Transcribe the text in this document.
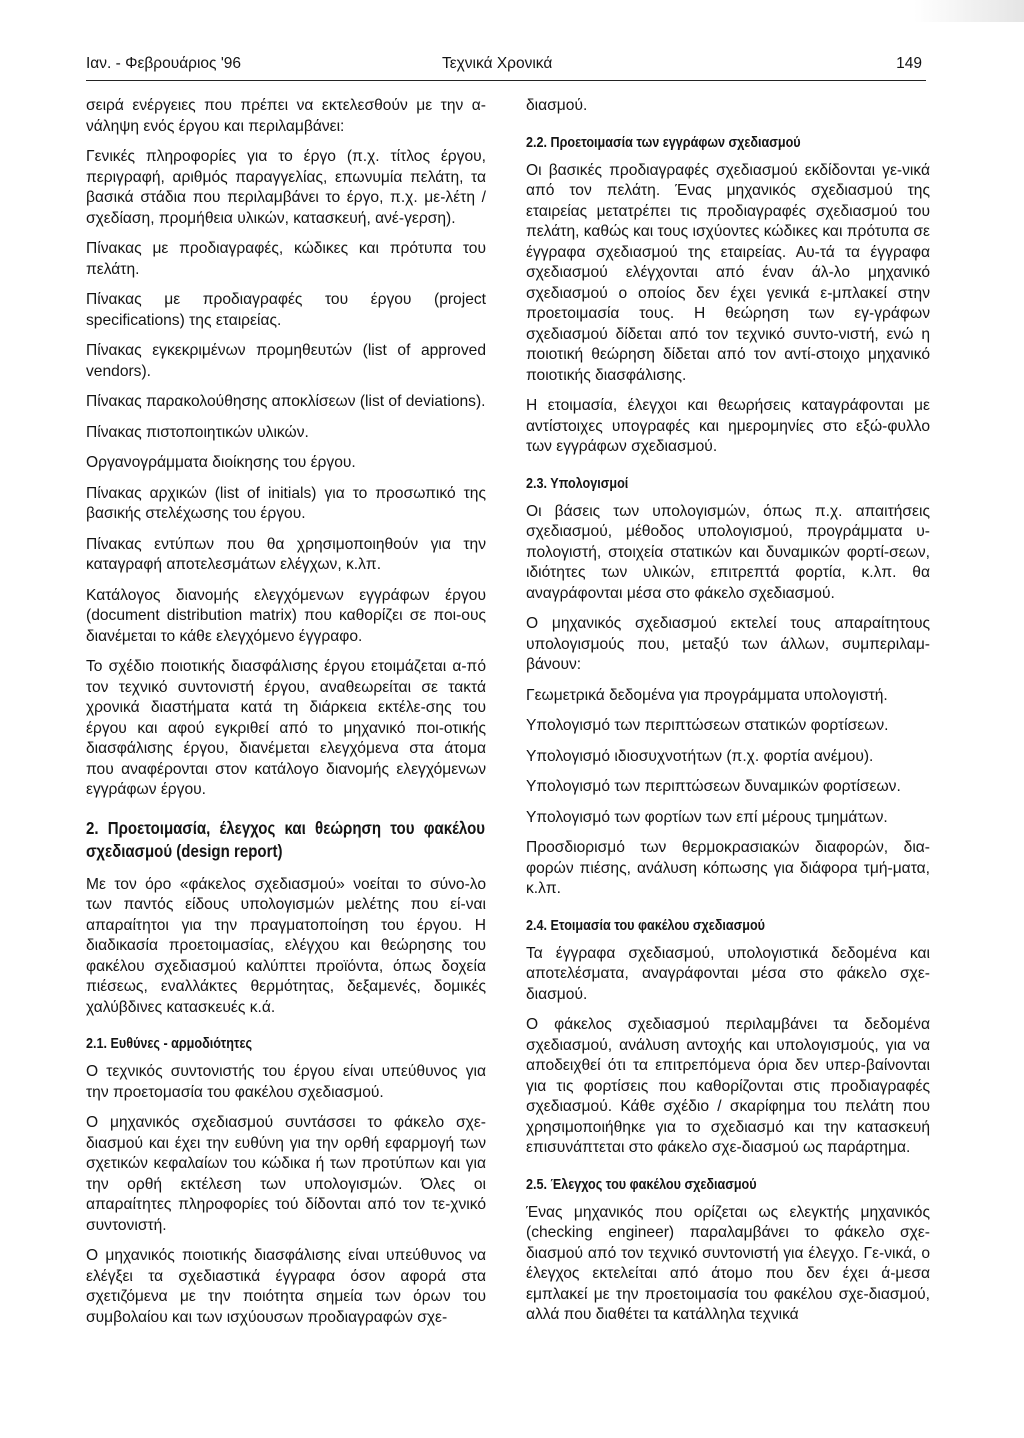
Ιαν. - Φεβρουάριος '96	Τεχνικά Χρονικά	149

σειρά ενέργειες που πρέπει να εκτελεσθούν με την α-νάληψη ενός έργου και περιλαμβάνει:

Γενικές πληροφορίες για το έργο (π.χ. τίτλος έργου, περιγραφή, αριθμός παραγγελίας, επωνυμία πελάτη, τα βασικά στάδια που περιλαμβάνει το έργο, π.χ. με-λέτη / σχεδίαση, προμήθεια υλικών, κατασκευή, ανέ-γερση).

Πίνακας με προδιαγραφές, κώδικες και πρότυπα του πελάτη.

Πίνακας με προδιαγραφές του έργου (project specifications) της εταιρείας.

Πίνακας εγκεκριμένων προμηθευτών (list of approved vendors).

Πίνακας παρακολούθησης αποκλίσεων (list of deviations).

Πίνακας πιστοποιητικών υλικών.

Οργανογράμματα διοίκησης του έργου.

Πίνακας αρχικών (list of initials) για το προσωπικό της βασικής στελέχωσης του έργου.

Πίνακας εντύπων που θα χρησιμοποιηθούν για την καταγραφή αποτελεσμάτων ελέγχων, κ.λπ.

Κατάλογος διανομής ελεγχόμενων εγγράφων έργου (document distribution matrix) που καθορίζει σε ποι-ους διανέμεται το κάθε ελεγχόμενο έγγραφο.

Το σχέδιο ποιοτικής διασφάλισης έργου ετοιμάζεται α-πό τον τεχνικό συντονιστή έργου, αναθεωρείται σε τακτά χρονικά διαστήματα κατά τη διάρκεια εκτέλε-σης του έργου και αφού εγκριθεί από το μηχανικό ποι-οτικής διασφάλισης έργου, διανέμεται ελεγχόμενα στα άτομα που αναφέρονται στον κατάλογο διανομής ελεγχόμενων εγγράφων έργου.

2. Προετοιμασία, έλεγχος και θεώρηση του φακέλου σχεδιασμού (design report)

Με τον όρο «φάκελος σχεδιασμού» νοείται το σύνο-λο των παντός είδους υπολογισμών μελέτης που εί-ναι απαραίτητοι για την πραγματοποίηση του έργου. Η διαδικασία προετοιμασίας, ελέγχου και θεώρησης του φακέλου σχεδιασμού καλύπτει προϊόντα, όπως δοχεία πιέσεως, εναλλάκτες θερμότητας, δεξαμενές, δομικές χαλύβδινες κατασκευές κ.ά.

2.1. Ευθύνες - αρμοδιότητες

Ο τεχνικός συντονιστής του έργου είναι υπεύθυνος για την προετομασία του φακέλου σχεδιασμού.

Ο μηχανικός σχεδιασμού συντάσσει το φάκελο σχε-διασμού και έχει την ευθύνη για την ορθή εφαρμογή των σχετικών κεφαλαίων του κώδικα ή των προτύπων και για την ορθή εκτέλεση των υπολογισμών. Όλες οι απαραίτητες πληροφορίες τού δίδονται από τον τε-χνικό συντονιστή.

Ο μηχανικός ποιοτικής διασφάλισης είναι υπεύθυνος να ελέγξει τα σχεδιαστικά έγγραφα όσον αφορά στα σχετιζόμενα με την ποιότητα σημεία των όρων του συμβολαίου και των ισχύουσων προδιαγραφών σχε-

διασμού.

2.2. Προετοιμασία των εγγράφων σχεδιασμού

Οι βασικές προδιαγραφές σχεδιασμού εκδίδονται γε-νικά από τον πελάτη. Ένας μηχανικός σχεδιασμού της εταιρείας μετατρέπει τις προδιαγραφές σχεδιασμού του πελάτη, καθώς και τους ισχύοντες κώδικες και πρότυπα σε έγγραφα σχεδιασμού της εταιρείας. Αυ-τά τα έγγραφα σχεδιασμού ελέγχονται από έναν άλ-λο μηχανικό σχεδιασμού ο οποίος δεν έχει γενικά ε-μπλακεί στην προετοιμασία τους. Η θεώρηση των εγ-γράφων σχεδιασμού δίδεται από τον τεχνικό συντο-νιστή, ενώ η ποιοτική θεώρηση δίδεται από τον αντί-στοιχο μηχανικό ποιοτικής διασφάλισης.

Η ετοιμασία, έλεγχοι και θεωρήσεις καταγράφονται με αντίστοιχες υπογραφές και ημερομηνίες στο εξώ-φυλλο των εγγράφων σχεδιασμού.

2.3. Υπολογισμοί

Οι βάσεις των υπολογισμών, όπως π.χ. απαιτήσεις σχεδιασμού, μέθοδος υπολογισμού, προγράμματα υ-πολογιστή, στοιχεία στατικών και δυναμικών φορτί-σεων, ιδιότητες των υλικών, επιτρεπτά φορτία, κ.λπ. θα αναγράφονται μέσα στο φάκελο σχεδιασμού.

Ο μηχανικός σχεδιασμού εκτελεί τους απαραίτητους υπολογισμούς που, μεταξύ των άλλων, συμπεριλαμ-βάνουν:

Γεωμετρικά δεδομένα για προγράμματα υπολογιστή.

Υπολογισμό των περιπτώσεων στατικών φορτίσεων.

Υπολογισμό ιδιοσυχνοτήτων (π.χ. φορτία ανέμου).

Υπολογισμό των περιπτώσεων δυναμικών φορτίσεων.

Υπολογισμό των φορτίων των επί μέρους τμημάτων.

Προσδιορισμό των θερμοκρασιακών διαφορών, δια-φορών πιέσης, ανάλυση κόπωσης για διάφορα τμή-ματα, κ.λπ.

2.4. Ετοιμασία του φακέλου σχεδιασμού

Τα έγγραφα σχεδιασμού, υπολογιστικά δεδομένα και αποτελέσματα, αναγράφονται μέσα στο φάκελο σχε-διασμού.

Ο φάκελος σχεδιασμού περιλαμβάνει τα δεδομένα σχεδιασμού, ανάλυση αντοχής και υπολογισμούς, για να αποδειχθεί ότι τα επιτρεπόμενα όρια δεν υπερ-βαίνονται για τις φορτίσεις που καθορίζονται στις προδιαγραφές σχεδιασμού. Κάθε σχέδιο / σκαρίφημα του πελάτη που χρησιμοποιήθηκε για το σχεδιασμό και την κατασκευή επισυνάπτεται στο φάκελο σχε-διασμού ως παράρτημα.

2.5. Έλεγχος του φακέλου σχεδιασμού

Ένας μηχανικός που ορίζεται ως ελεγκτής μηχανικός (checking engineer) παραλαμβάνει το φάκελο σχε-διασμού από τον τεχνικό συντονιστή για έλεγχο. Γε-νικά, ο έλεγχος εκτελείται από άτομο που δεν έχει ά-μεσα εμπλακεί με την προετοιμασία του φακέλου σχε-διασμού, αλλά που διαθέτει τα κατάλληλα τεχνικά
